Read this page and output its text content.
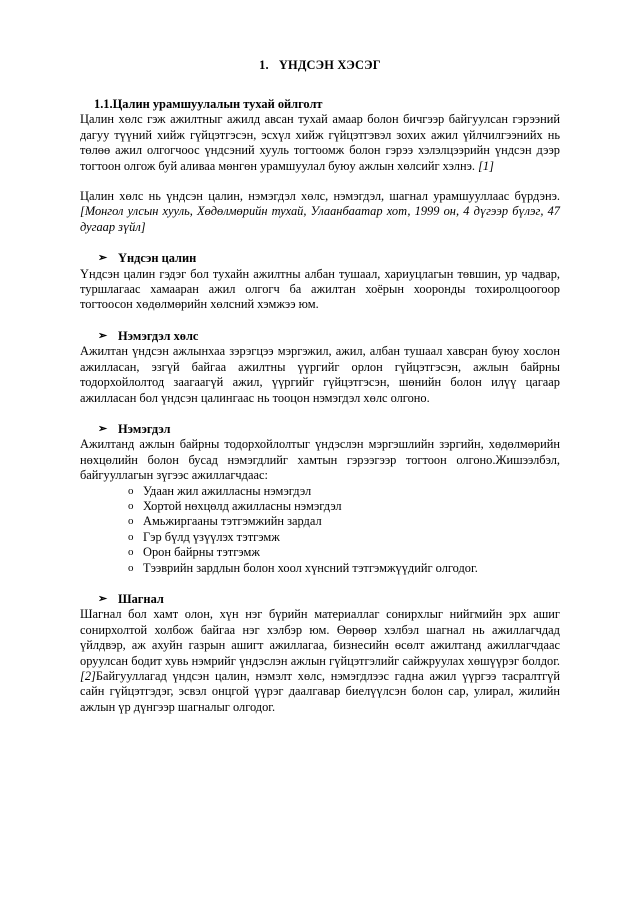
1. ҮНДСЭН ХЭСЭГ
1.1.Цалин урамшуулалын тухай ойлголт

Цалин хөлс гэж ажилтныг ажилд авсан тухай амаар болон бичгээр байгуулсан гэрээний дагуу түүний хийж гүйцэтгэсэн, эсхүл хийж гүйцэтгэвэл зохих ажил үйлчилгээнийх нь төлөө ажил олгогчоос үндсэний хууль тогтоомж болон гэрээ хэлэлцээрийн үндсэн дээр тогтоон олгож буй аливаа мөнгөн урамшуулал буюу ажлын хөлсийг хэлнэ. [1]

Цалин хөлс нь үндсэн цалин, нэмэгдэл хөлс, нэмэгдэл, шагнал урамшууллаас бүрдэнэ.[Монгол улсын хууль, Хөдөлмөрийн тухай, Улаанбаатар хот, 1999 он, 4 дүгээр бүлэг, 47 дугаар зүйл]

➢ Үндсэн цалин

Үндсэн цалин гэдэг бол тухайн ажилтны албан тушаал, хариуцлагын төвшин, ур чадвар, туршлагаас хамааран ажил олгогч ба ажилтан хоёрын хооронды тохиролцоогоор тогтоосон хөдөлмөрийн хөлсний хэмжээ юм.

➢ Нэмэгдэл хөлс

Ажилтан үндсэн ажлынхаа зэрэгцээ мэргэжил, ажил, албан тушаал хавсран буюу хослон ажилласан, эзгүй байгаа ажилтны үүргийг орлон гүйцэтгэсэн, ажлын байрны тодорхойлолтод заагаагүй ажил, үүргийг гүйцэтгэсэн, шөнийн болон илүү цагаар ажилласан бол үндсэн цалингаас нь тооцон нэмэгдэл хөлс олгоно.

➢ Нэмэгдэл

Ажилтанд ажлын байрны тодорхойлолтыг үндэслэн мэргэшлийн зэргийн, хөдөлмөрийн нөхцөлийн болон бусад нэмэгдлийг хамтын гэрээгээр тогтоон олгоно.Жишээлбэл, байгууллагын зүгээс ажиллагчдаас:

o Удаан жил ажилласны нэмэгдэл
o Хортой нөхцөлд ажилласны нэмэгдэл
o Амьжиргааны тэтгэмжийн зардал
o Гэр бүлд үзүүлэх тэтгэмж
o Орон байрны тэтгэмж
o Тээврийн зардлын болон хоол хүнсний тэтгэмжүүдийг олгодог.
➢ Шагнал

Шагнал бол хамт олон, хүн нэг бүрийн материаллаг сонирхлыг нийгмийн эрх ашиг сонирхолтой холбож байгаа нэг хэлбэр юм. Өөрөөр хэлбэл шагнал нь ажиллагчдад үйлдвэр, аж ахуйн газрын ашигт ажиллагаа, бизнесийн өсөлт ажилтанд ажиллагчдаас оруулсан бодит хувь нэмрийг үндэслэн ажлын гүйцэтгэлийг сайжруулах хөшүүрэг болдог. [2]Байгууллагад үндсэн цалин, нэмэлт хөлс, нэмэгдлээс гадна ажил үүргээ тасралтгүй сайн гүйцэтгэдэг, эсвэл онцгой үүрэг даалгавар биелүүлсэн болон сар, улирал, жилийн ажлын үр дүнгээр шагналыг олгодог.
